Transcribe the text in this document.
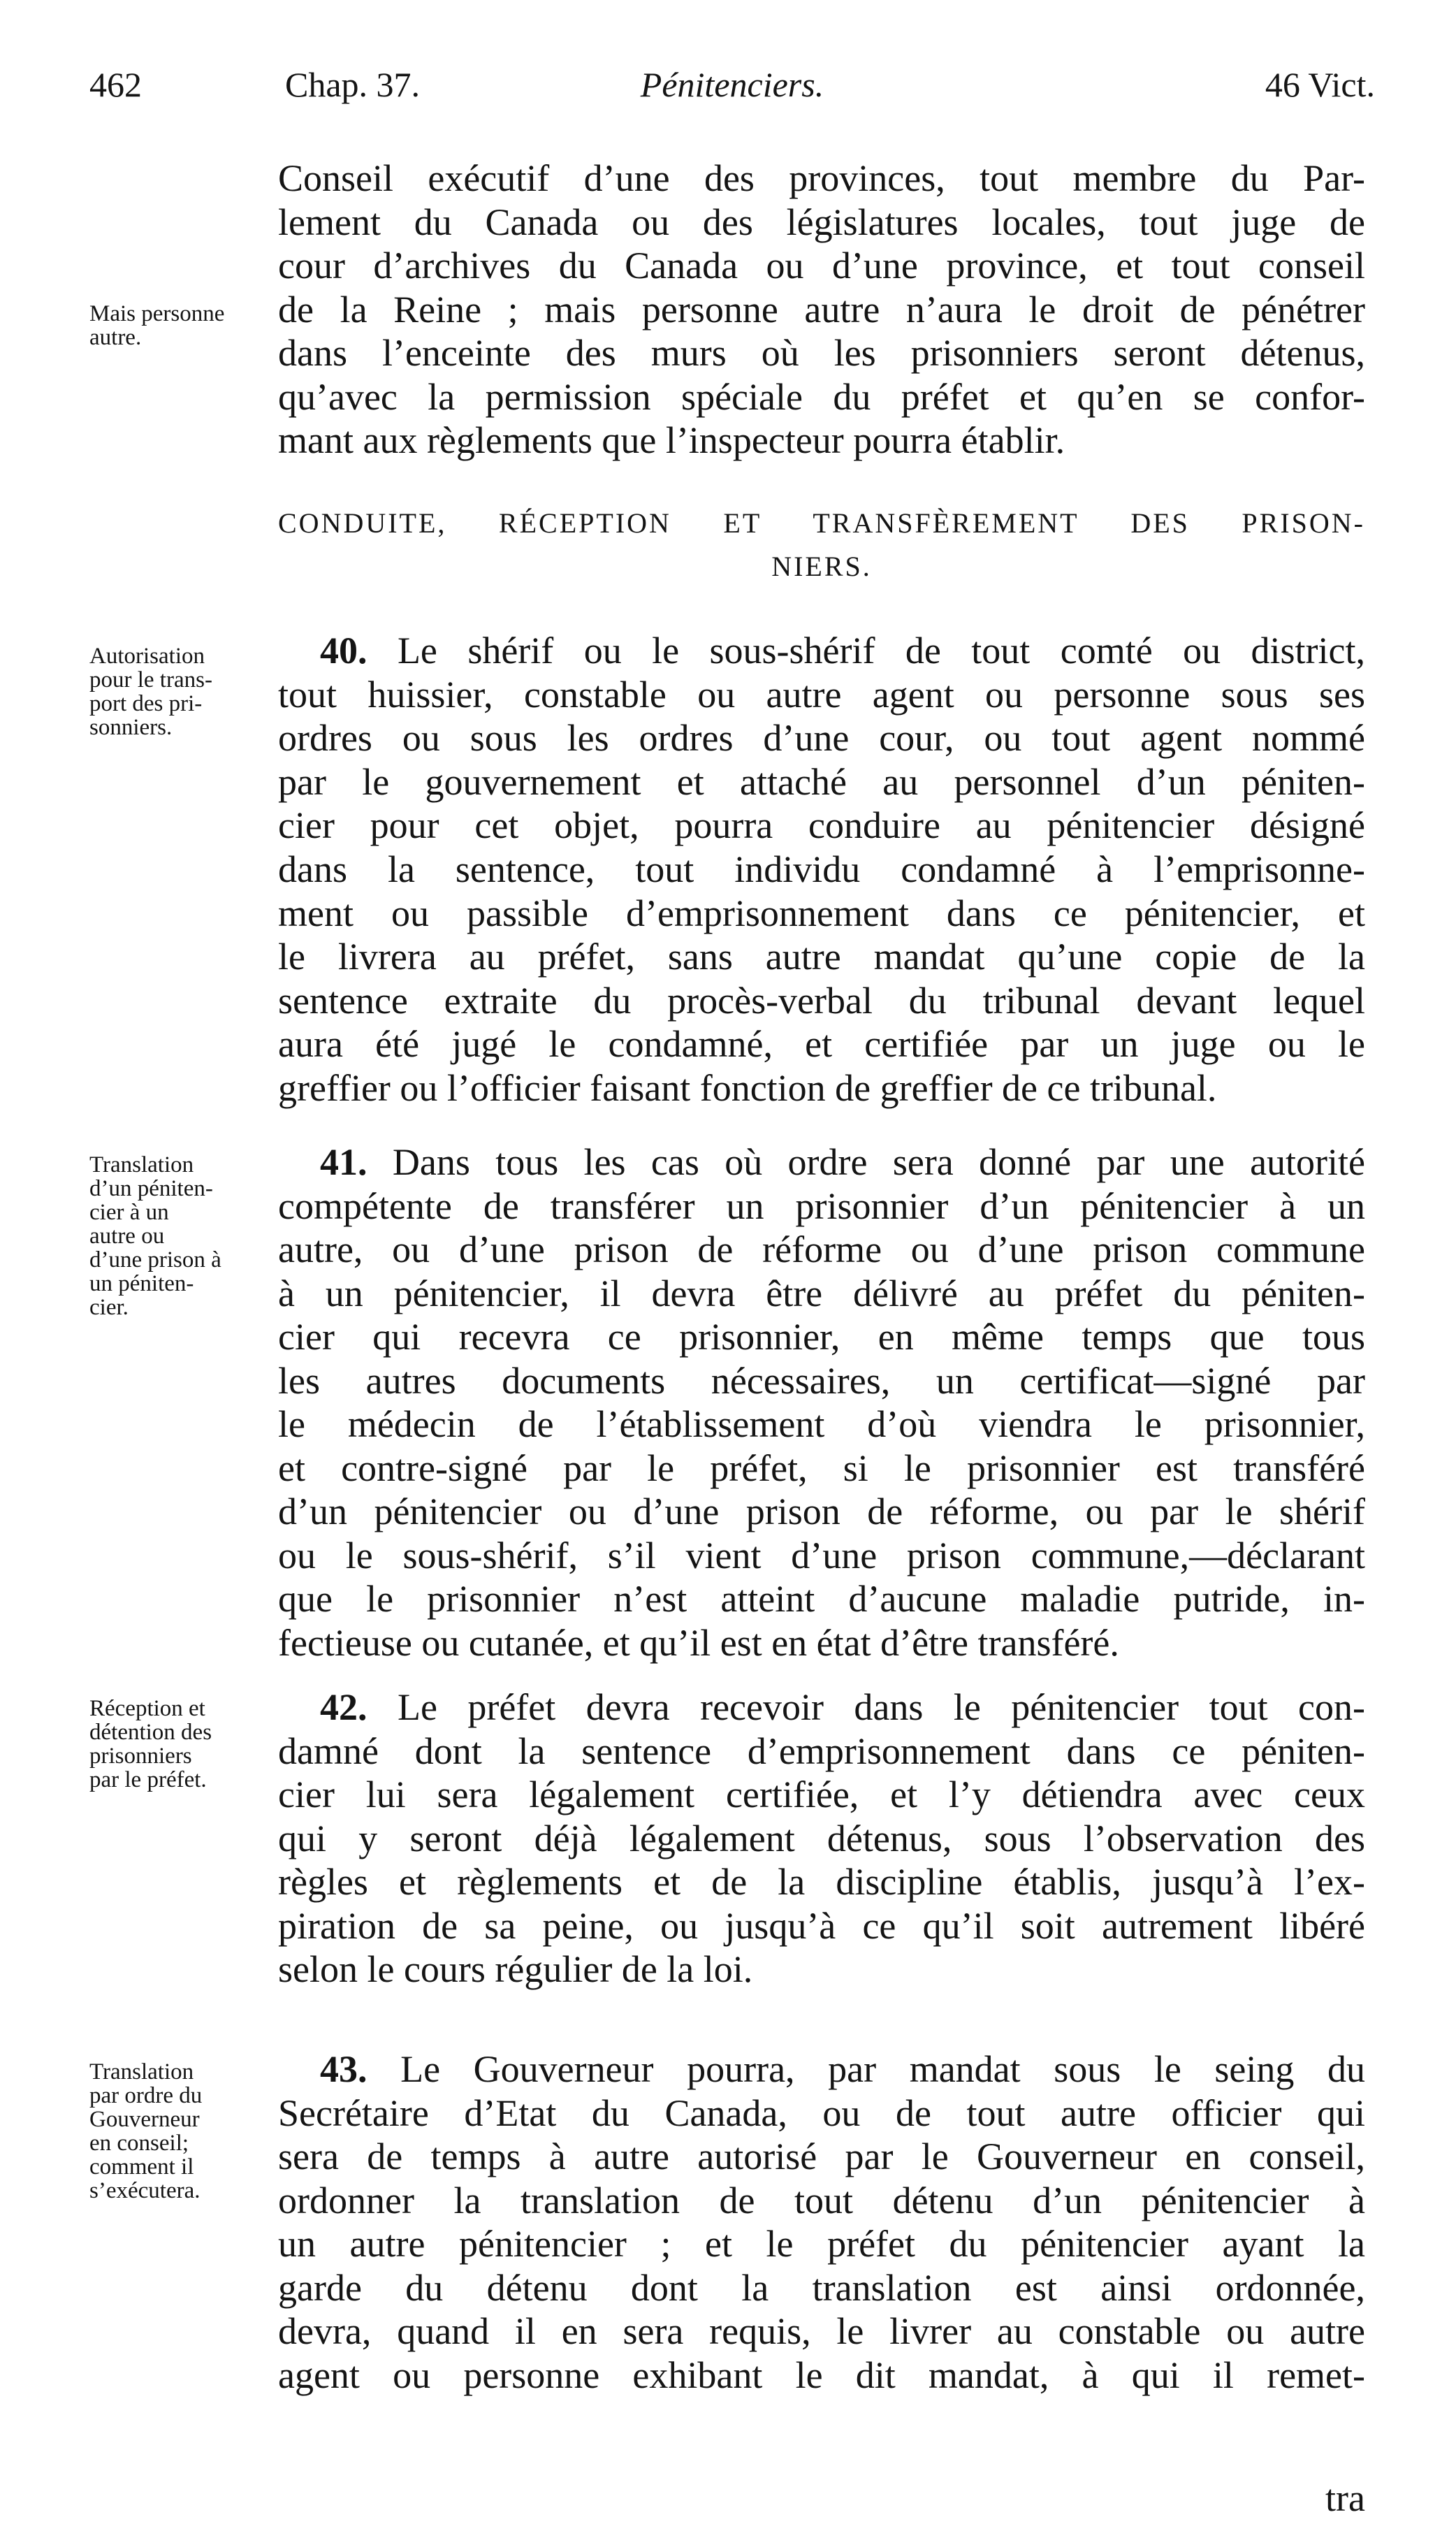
Pénitenciers.
462	Chap. 37.	46 Vict.
Mais personne
autre.
Conseil exécutif d’une des provinces, tout membre du Par-
lement du Canada ou des législatures locales, tout juge de
cour d’archives du Canada ou d’une province, et tout conseil
de la Reine ; mais personne autre n’aura le droit de pénétrer
dans l’enceinte des murs où les prisonniers seront détenus,
qu’avec la permission spéciale du préfet et qu’en se confor-
mant aux règlements que l’inspecteur pourra établir.
CONDUITE, RÉCEPTION ET TRANSFÈREMENT DES PRISON-
NIERS.
Autorisation
pour le trans-
port des pri-
sonniers.
40. Le shérif ou le sous-shérif de tout comté ou district,
tout huissier, constable ou autre agent ou personne sous ses
ordres ou sous les ordres d’une cour, ou tout agent nommé
par le gouvernement et attaché au personnel d’un péniten-
cier pour cet objet, pourra conduire au pénitencier désigné
dans la sentence, tout individu condamné à l’emprisonne-
ment ou passible d’emprisonnement dans ce pénitencier, et
le livrera au préfet, sans autre mandat qu’une copie de la
sentence extraite du procès-verbal du tribunal devant lequel
aura été jugé le condamné, et certifiée par un juge ou le
greffier ou l’officier faisant fonction de greffier de ce tribunal.
Translation
d’un péniten-
cier à un
autre ou
d’une prison à
un péniten-
cier.
41. Dans tous les cas où ordre sera donné par une autorité
compétente de transférer un prisonnier d’un pénitencier à un
autre, ou d’une prison de réforme ou d’une prison commune
à un pénitencier, il devra être délivré au préfet du péniten-
cier qui recevra ce prisonnier, en même temps que tous
les autres documents nécessaires, un certificat—signé par
le médecin de l’établissement d’où viendra le prisonnier,
et contre-signé par le préfet, si le prisonnier est transféré
d’un pénitencier ou d’une prison de réforme, ou par le shérif
ou le sous-shérif, s’il vient d’une prison commune,—déclarant
que le prisonnier n’est atteint d’aucune maladie putride, in-
fectieuse ou cutanée, et qu’il est en état d’être transféré.
Réception et
détention des
prisonniers
par le préfet.
42. Le préfet devra recevoir dans le pénitencier tout con-
damné dont la sentence d’emprisonnement dans ce péniten-
cier lui sera légalement certifiée, et l’y détiendra avec ceux
qui y seront déjà légalement détenus, sous l’observation des
règles et règlements et de la discipline établis, jusqu’à l’ex-
piration de sa peine, ou jusqu’à ce qu’il soit autrement libéré
selon le cours régulier de la loi.
Translation
par ordre du
Gouverneur
en conseil;
comment il
s’exécutera.
43. Le Gouverneur pourra, par mandat sous le seing du
Secrétaire d’Etat du Canada, ou de tout autre officier qui
sera de temps à autre autorisé par le Gouverneur en conseil,
ordonner la translation de tout détenu d’un pénitencier à
un autre pénitencier ; et le préfet du pénitencier ayant la
garde du détenu dont la translation est ainsi ordonnée,
devra, quand il en sera requis, le livrer au constable ou autre
agent ou personne exhibant le dit mandat, à qui il remet-
tra
